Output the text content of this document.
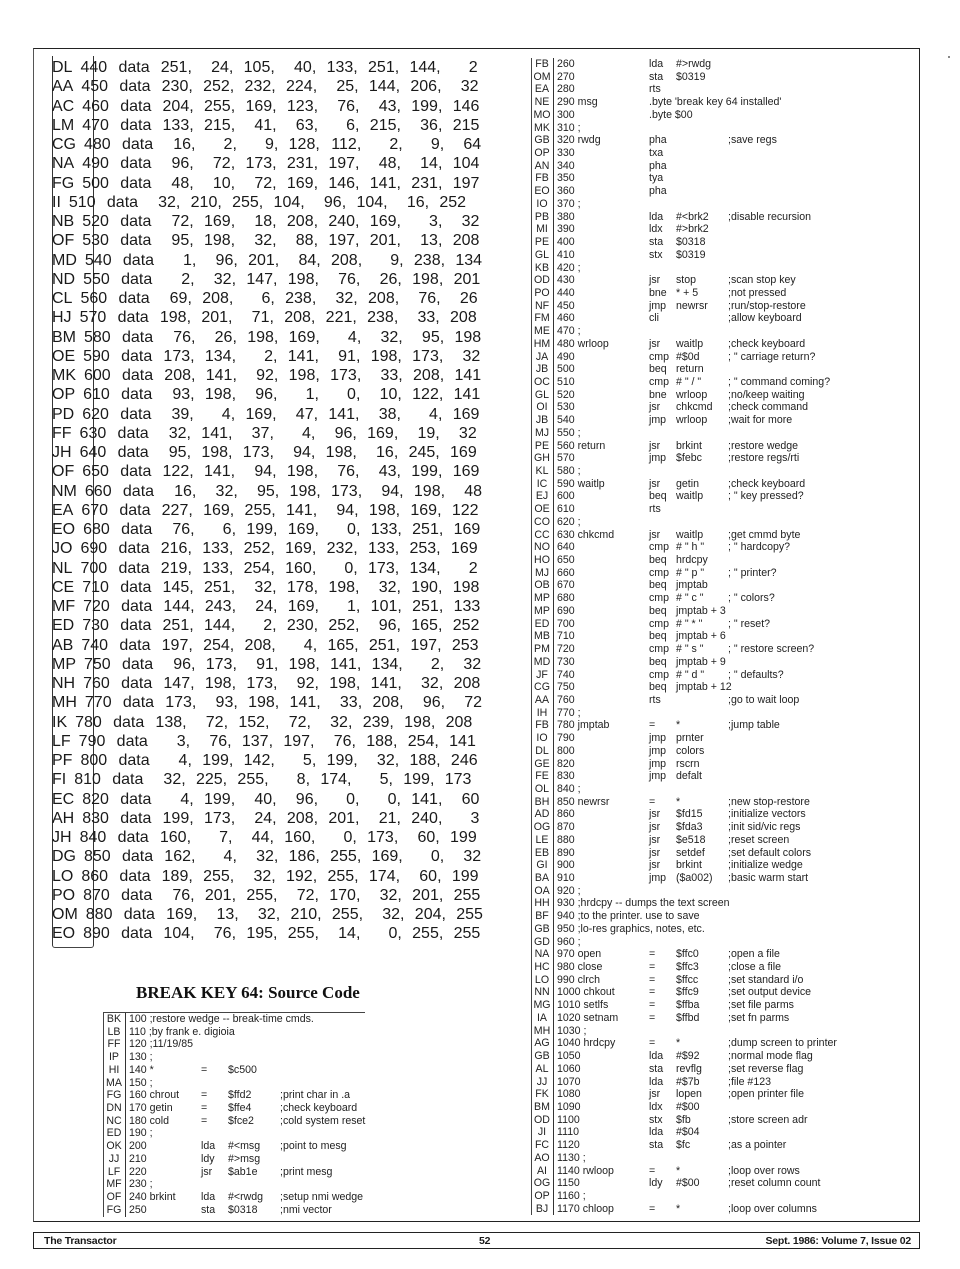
DL 440 data 251, 24, 105, 40, 133, 251, 144, 2
AA 450 data 230, 252, 232, 224, 25, 144, 206, 32
AC 460 data 204, 255, 169, 123, 76, 43, 199, 146
LM 470 data 133, 215, 41, 63, 6, 215, 36, 215
CG 480 data 16, 2, 9, 128, 112, 2, 9, 64
NA 490 data 96, 72, 173, 231, 197, 48, 14, 104
FG 500 data 48, 10, 72, 169, 146, 141, 231, 197
II 510 data 32, 210, 255, 104, 96, 104, 16, 252
NB 520 data 72, 169, 18, 208, 240, 169, 3, 32
OF 530 data 95, 198, 32, 88, 197, 201, 13, 208
MD 540 data 1, 96, 201, 84, 208, 9, 238, 134
ND 550 data 2, 32, 147, 198, 76, 26, 198, 201
CL 560 data 69, 208, 6, 238, 32, 208, 76, 26
HJ 570 data 198, 201, 71, 208, 221, 238, 33, 208
BM 580 data 76, 26, 198, 169, 4, 32, 95, 198
OE 590 data 173, 134, 2, 141, 91, 198, 173, 32
MK 600 data 208, 141, 92, 198, 173, 33, 208, 141
OP 610 data 93, 198, 96, 1, 0, 10, 122, 141
PD 620 data 39, 4, 169, 47, 141, 38, 4, 169
FF 630 data 32, 141, 37, 4, 96, 169, 19, 32
JH 640 data 95, 198, 173, 94, 198, 16, 245, 169
OF 650 data 122, 141, 94, 198, 76, 43, 199, 169
NM 660 data 16, 32, 95, 198, 173, 94, 198, 48
EA 670 data 227, 169, 255, 141, 94, 198, 169, 122
EO 680 data 76, 6, 199, 169, 0, 133, 251, 169
JO 690 data 216, 133, 252, 169, 232, 133, 253, 169
NL 700 data 219, 133, 254, 160, 0, 173, 134, 2
CE 710 data 145, 251, 32, 178, 198, 32, 190, 198
MF 720 data 144, 243, 24, 169, 1, 101, 251, 133
ED 730 data 251, 144, 2, 230, 252, 96, 165, 252
AB 740 data 197, 254, 208, 4, 165, 251, 197, 253
MP 750 data 96, 173, 91, 198, 141, 134, 2, 32
NH 760 data 147, 198, 173, 92, 198, 141, 32, 208
MH 770 data 173, 93, 198, 141, 33, 208, 96, 72
IK 780 data 138, 72, 152, 72, 32, 239, 198, 208
LF 790 data 3, 76, 137, 197, 76, 188, 254, 141
PF 800 data 4, 199, 142, 5, 199, 32, 188, 246
FI 810 data 32, 225, 255, 8, 174, 5, 199, 173
EC 820 data 4, 199, 40, 96, 0, 0, 141, 60
AH 830 data 199, 173, 24, 208, 201, 21, 240, 3
JH 840 data 160, 7, 44, 160, 0, 173, 60, 199
DG 850 data 162, 4, 32, 186, 255, 169, 0, 32
LO 860 data 189, 255, 32, 192, 255, 174, 60, 199
PO 870 data 76, 201, 255, 72, 170, 32, 201, 255
OM 880 data 169, 13, 32, 210, 255, 32, 204, 255
EO 890 data 104, 76, 195, 255, 14, 0, 255, 255
BREAK KEY 64: Source Code
BK 100 ;restore wedge -- break-time cmds.
LB 110 ;by frank e. digioia
FF 120 ;11/19/85
IP 130 ;
HI 140 *	=	$c500
MA 150 ;
FG 160 chrout	=	$ffd2	;print char in .a
DN 170 getin	=	$ffe4	;check keyboard
NC 180 cold	=	$fce2	;cold system reset
ED 190 ;
OK 200	lda	#<msg	;point to mesg
JJ 210	ldy	#>msg
LF 220	jsr	$ab1e	;print mesg
MF 230 ;
OF 240 brkint	lda	#<rwdg	;setup nmi wedge
FG 250	sta	$0318	;nmi vector
FB 260	lda	#>rwdg
OM 270	sta	$0319
EA 280	rts
NE 290 msg	.byte 'break key 64 installed'
MO 300	.byte $00
MK 310 ;
GB 320 rwdg	pha	;save regs
OP 330	txa
AN 340	pha
FB 350	tya
EO 360	pha
IO 370 ;
PB 380	lda	#<brk2	;disable recursion
MI 390	ldx	#>brk2
PE 400	sta	$0318
GL 410	stx	$0319
KB 420 ;
OD 430	jsr	stop	;scan stop key
PO 440	bne * + 5	;not pressed
NF 450	jmp newrsr	;run/stop-restore
FM 460	cli	;allow keyboard
ME 470 ;
HM 480 wrloop	jsr	waitlp	;check keyboard
JA 490	cmp #$0d	; " carriage return?
JB 500	beq return
OC 510	cmp # " / "	; " command coming?
GL 520	bne wrloop	;no/keep waiting
OI 530	jsr	chkcmd	;check command
JB 540	jmp wrloop	;wait for more
MJ 550 ;
PE 560 return	jsr	brkint	;restore wedge
GH 570	jmp $febc	;restore regs/rti
KL 580 ;
IC 590 waitlp	jsr	getin	;check keyboard
EJ 600	beq waitlp	; " key pressed?
OE 610	rts
CO 620 ;
CC 630 chkcmd	jsr	waitlp	;get cmmd byte
NO 640	cmp # " h "	; " hardcopy?
HO 650	beq hrdcpy
MJ 660	cmp # " p "	; " printer?
OB 670	beq jmptab
MP 680	cmp # " c "	; " colors?
MP 690	beq jmptab + 3
ED 700	cmp # " * "	; " reset?
MB 710	beq jmptab + 6
PM 720	cmp # " s "	; " restore screen?
MD 730	beq jmptab + 9
JF 740	cmp # " d "	; " defaults?
CG 750	beq jmptab + 12
AA 760	rts	;go to wait loop
IH 770 ;
FB 780 jmptab	=	*	;jump table
IO 790	jmp prnter
DL 800	jmp colors
GE 820	jmp rscrn
FE 830	jmp defalt
OL 840 ;
BH 850 newrsr	=	*	;new stop-restore
AD 860	jsr	$fd15	;initialize vectors
OG 870	jsr	$fda3	;init sid/vic regs
LE 880	jsr	$e518	;reset screen
EB 890	jsr	setdef	;set default colors
GI 900	jsr	brkint	;initialize wedge
BA 910	jmp ($a002)	;basic warm start
OA 920 ;
HH 930 ;hrdcpy -- dumps the text screen
BF 940 ;to the printer. use to save
GB 950 ;lo-res graphics, notes, etc.
GD 960 ;
NA 970 open	=	$ffc0	;open a file
HC 980 close	=	$ffc3	;close a file
LO 990 clrch	=	$ffcc	;set standard i/o
NN 1000 chkout	=	$ffc9	;set output device
MG 1010 setlfs	=	$ffba	;set file parms
IA 1020 setnam	=	$ffbd	;set fn parms
MH 1030 ;
AG 1040 hrdcpy	=	*	;dump screen to printer
GB 1050	lda	#$92	;normal mode flag
AL 1060	sta	revflg	;set reverse flag
JJ 1070	lda	#$7b	;file #123
FK 1080	jsr	lopen	;open printer file
BM 1090	ldx	#$00
OD 1100	stx	$fb	;store screen adr
JI	1110	lda	#$04
FC 1120	sta	$fc	;as a pointer
AO 1130 ;
AI 1140 rwloop	=	*	;loop over rows
OG 1150	ldy	#$00	;reset column count
OP 1160 ;
BJ 1170 chloop	=	*	;loop over columns
The Transactor	52	Sept. 1986: Volume 7, Issue 02
